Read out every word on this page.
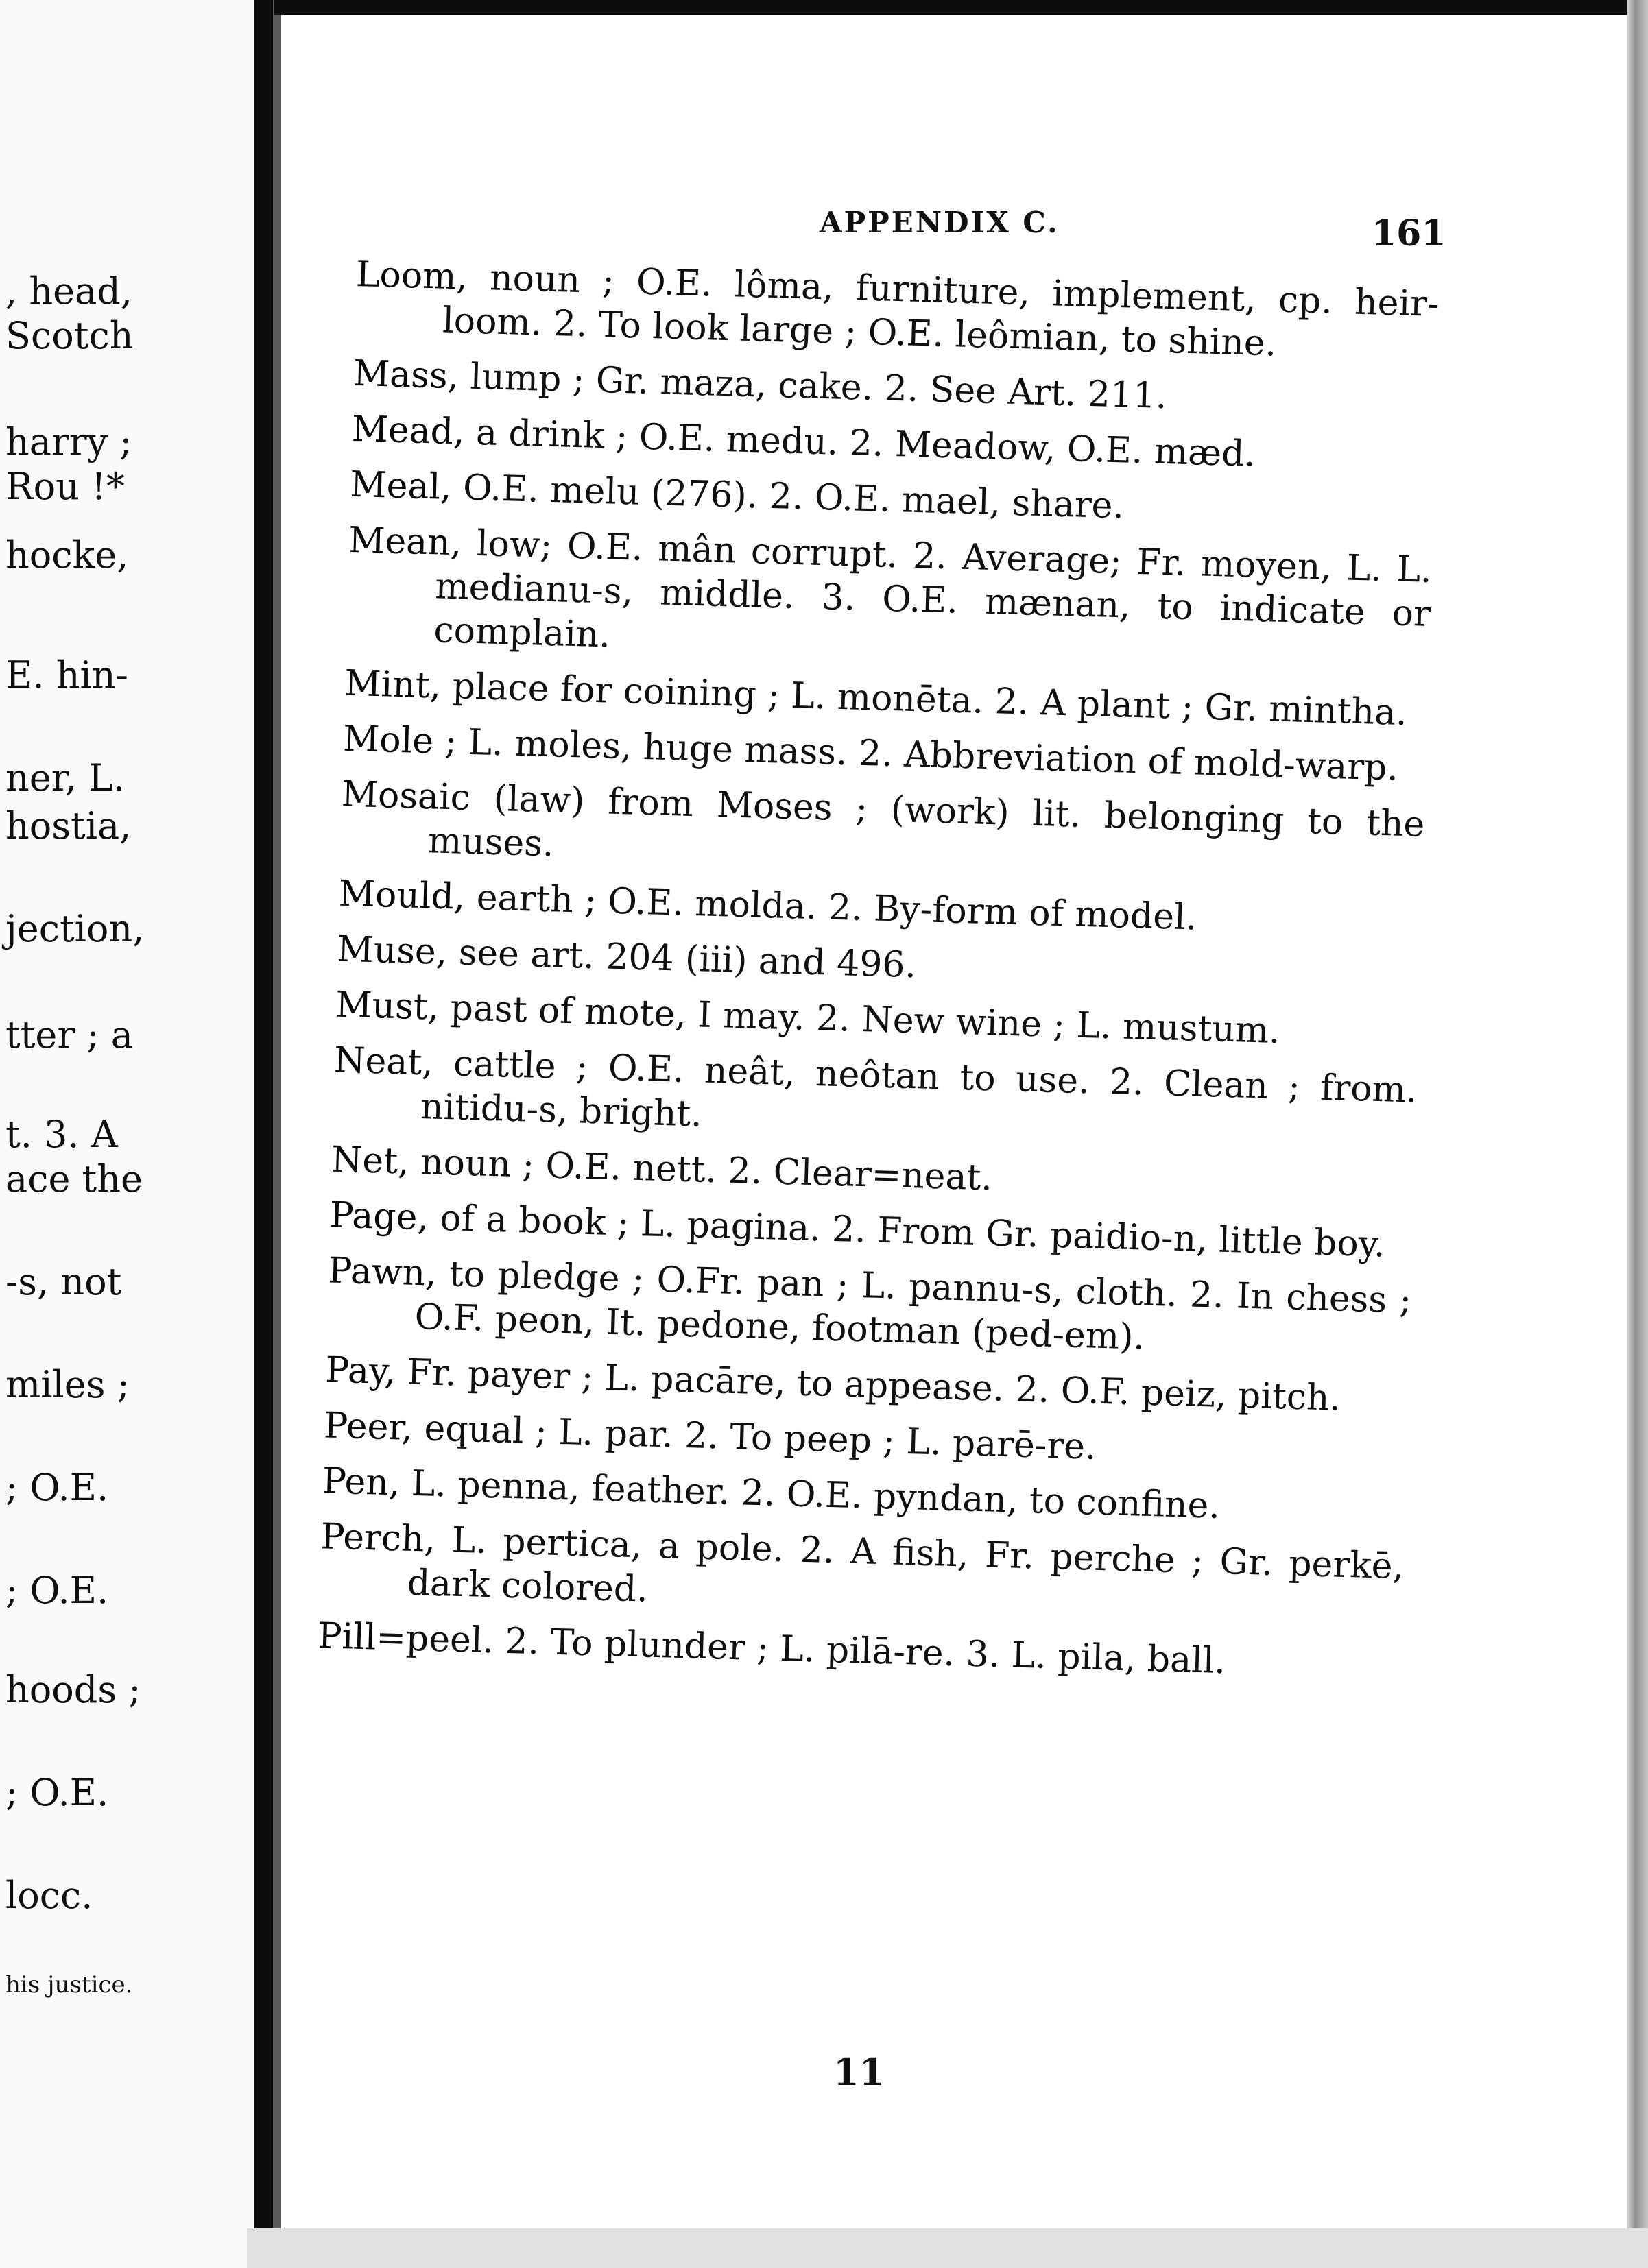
, head,
Scotch
harry ;
Rou !*
hocke,
E. hin-
ner, L.
hostia,
jection,
tter ; a
t. 3. A
ace the
-s, not
miles ;
; O.E.
; O.E.
hoods ;
; O.E.
locc.
his justice.
APPENDIX C.	161

Loom, noun ; O.E. lôma, furniture, implement, cp. heir-loom. 2. To look large ; O.E. leômian, to shine.

Mass, lump ; Gr. maza, cake. 2. See Art. 211.

Mead, a drink ; O.E. medu. 2. Meadow, O.E. mæd.

Meal, O.E. melu (276). 2. O.E. mael, share.

Mean, low; O.E. mân corrupt. 2. Average; Fr. moyen, L. L. medianu-s, middle. 3. O.E. mænan, to indicate or complain.

Mint, place for coining ; L. monēta. 2. A plant ; Gr. mintha.

Mole ; L. moles, huge mass. 2. Abbreviation of mold-warp.

Mosaic (law) from Moses ; (work) lit. belonging to the muses.

Mould, earth ; O.E. molda. 2. By-form of model.

Muse, see art. 204 (iii) and 496.

Must, past of mote, I may. 2. New wine ; L. mustum.

Neat, cattle ; O.E. neât, neôtan to use. 2. Clean ; from. nitidu-s, bright.

Net, noun ; O.E. nett. 2. Clear=neat.

Page, of a book ; L. pagina. 2. From Gr. paidio-n, little boy.

Pawn, to pledge ; O.Fr. pan ; L. pannu-s, cloth. 2. In chess ; O.F. peon, It. pedone, footman (ped-em).

Pay, Fr. payer ; L. pacāre, to appease. 2. O.F. peiz, pitch.

Peer, equal ; L. par. 2. To peep ; L. parē-re.

Pen, L. penna, feather. 2. O.E. pyndan, to confine.

Perch, L. pertica, a pole. 2. A fish, Fr. perche ; Gr. perkē, dark colored.

Pill=peel. 2. To plunder ; L. pilā-re. 3. L. pila, ball.

11
